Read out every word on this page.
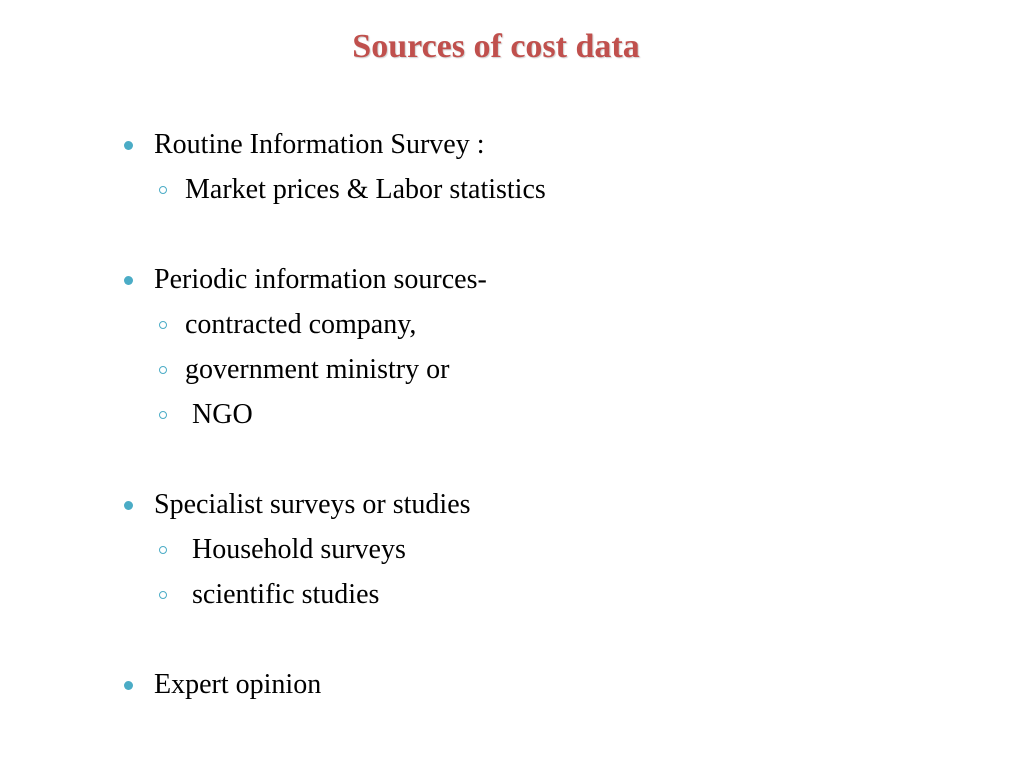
Sources of cost data
Routine Information Survey :
Market prices & Labor statistics
Periodic information sources-
contracted company,
government ministry or
NGO
Specialist surveys or studies
Household surveys
scientific studies
Expert opinion
